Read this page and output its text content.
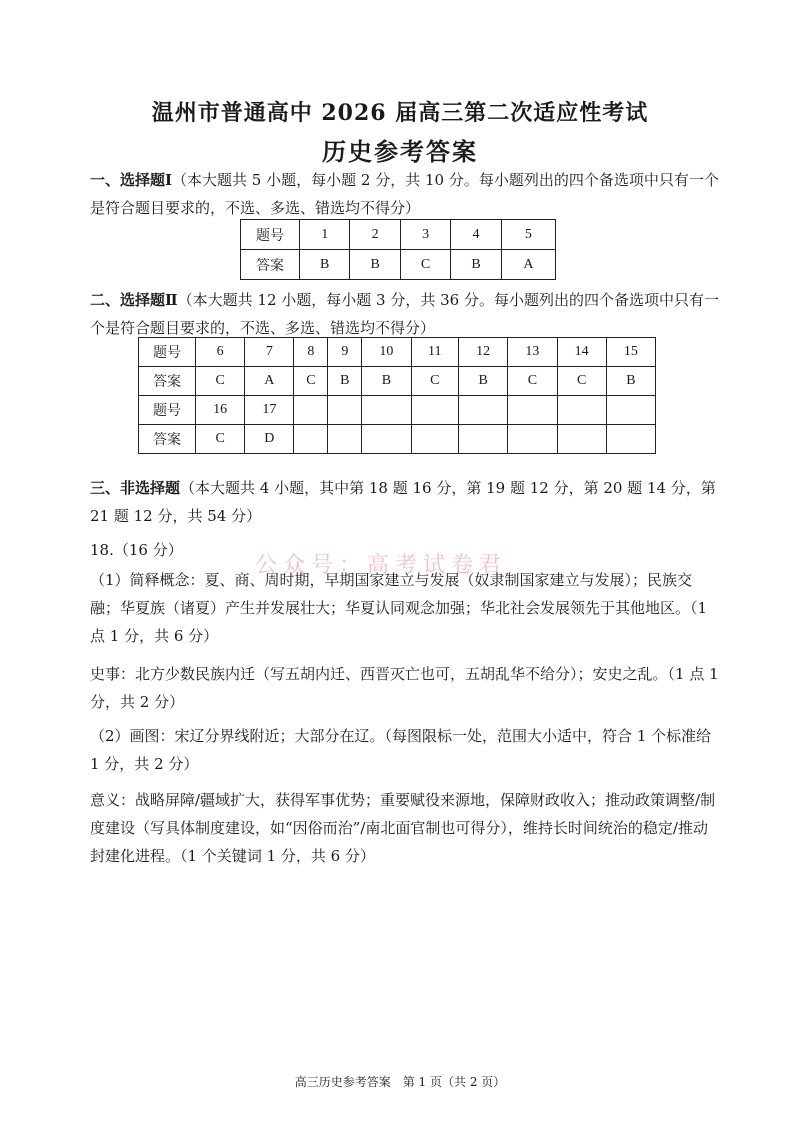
温州市普通高中 2026 届高三第二次适应性考试
历史参考答案

一、选择题Ⅰ（本大题共 5 小题，每小题 2 分，共 10 分。每小题列出的四个备选项中只有一个是符合题目要求的，不选、多选、错选均不得分）

题号	1	2	3	4	5
答案	B	B	C	B	A

二、选择题Ⅱ（本大题共 12 小题，每小题 3 分，共 36 分。每小题列出的四个备选项中只有一个是符合题目要求的，不选、多选、错选均不得分）

题号	6	7	8	9	10	11	12	13	14	15
答案	C	A	C	B	B	C	B	C	C	B
题号	16	17								
答案	C	D								

三、非选择题（本大题共 4 小题，其中第 18 题 16 分，第 19 题 12 分，第 20 题 14 分，第 21 题 12 分，共 54 分）

18.（16 分）

公众号：高考试卷君

（1）简释概念：夏、商、周时期，早期国家建立与发展（奴隶制国家建立与发展）；民族交融；华夏族（诸夏）产生并发展壮大；华夏认同观念加强；华北社会发展领先于其他地区。（1 点 1 分，共 6 分）

史事：北方少数民族内迁（写五胡内迁、西晋灭亡也可，五胡乱华不给分）；安史之乱。（1 点 1 分，共 2 分）

（2）画图：宋辽分界线附近；大部分在辽。（每图限标一处，范围大小适中，符合 1 个标准给 1 分，共 2 分）

意义：战略屏障/疆域扩大，获得军事优势；重要赋役来源地，保障财政收入；推动政策调整/制度建设（写具体制度建设，如“因俗而治”/南北面官制也可得分），维持长时间统治的稳定/推动封建化进程。（1 个关键词 1 分，共 6 分）

高三历史参考答案　第 1 页（共 2 页）
